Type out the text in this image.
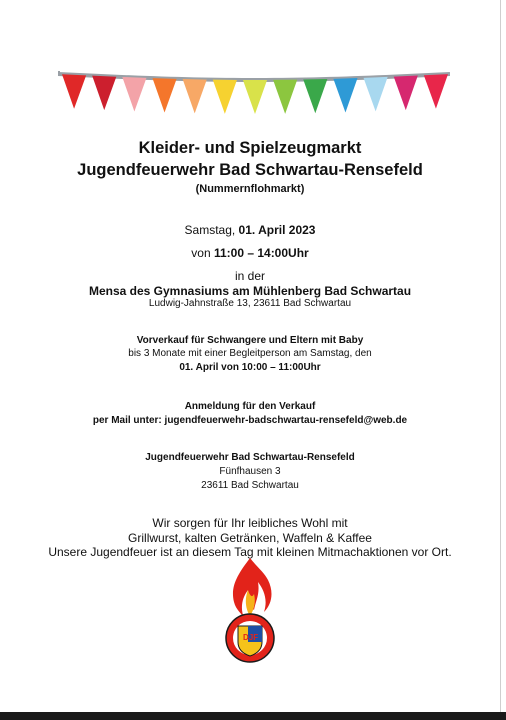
Kleider- und Spielzeugmarkt
Jugendfeuerwehr Bad Schwartau-Rensefeld
(Nummernflohmarkt)
Samstag, 01. April 2023
von 11:00 – 14:00Uhr
in der
Mensa des Gymnasiums am Mühlenberg Bad Schwartau
Ludwig-Jahnstraße 13, 23611 Bad Schwartau
Vorverkauf für Schwangere und Eltern mit Baby
bis 3 Monate mit einer Begleitperson am Samstag, den
01. April von 10:00 – 11:00Uhr
Anmeldung für den Verkauf
per Mail unter: jugendfeuerwehr-badschwartau-rensefeld@web.de
Jugendfeuerwehr Bad Schwartau-Rensefeld
Fünfhausen 3
23611 Bad Schwartau
Wir sorgen für Ihr leibliches Wohl mit
Grillwurst, kalten Getränken, Waffeln & Kaffee
Unsere Jugendfeuer ist an diesem Tag mit kleinen Mitmachaktionen vor Ort.
DJF
